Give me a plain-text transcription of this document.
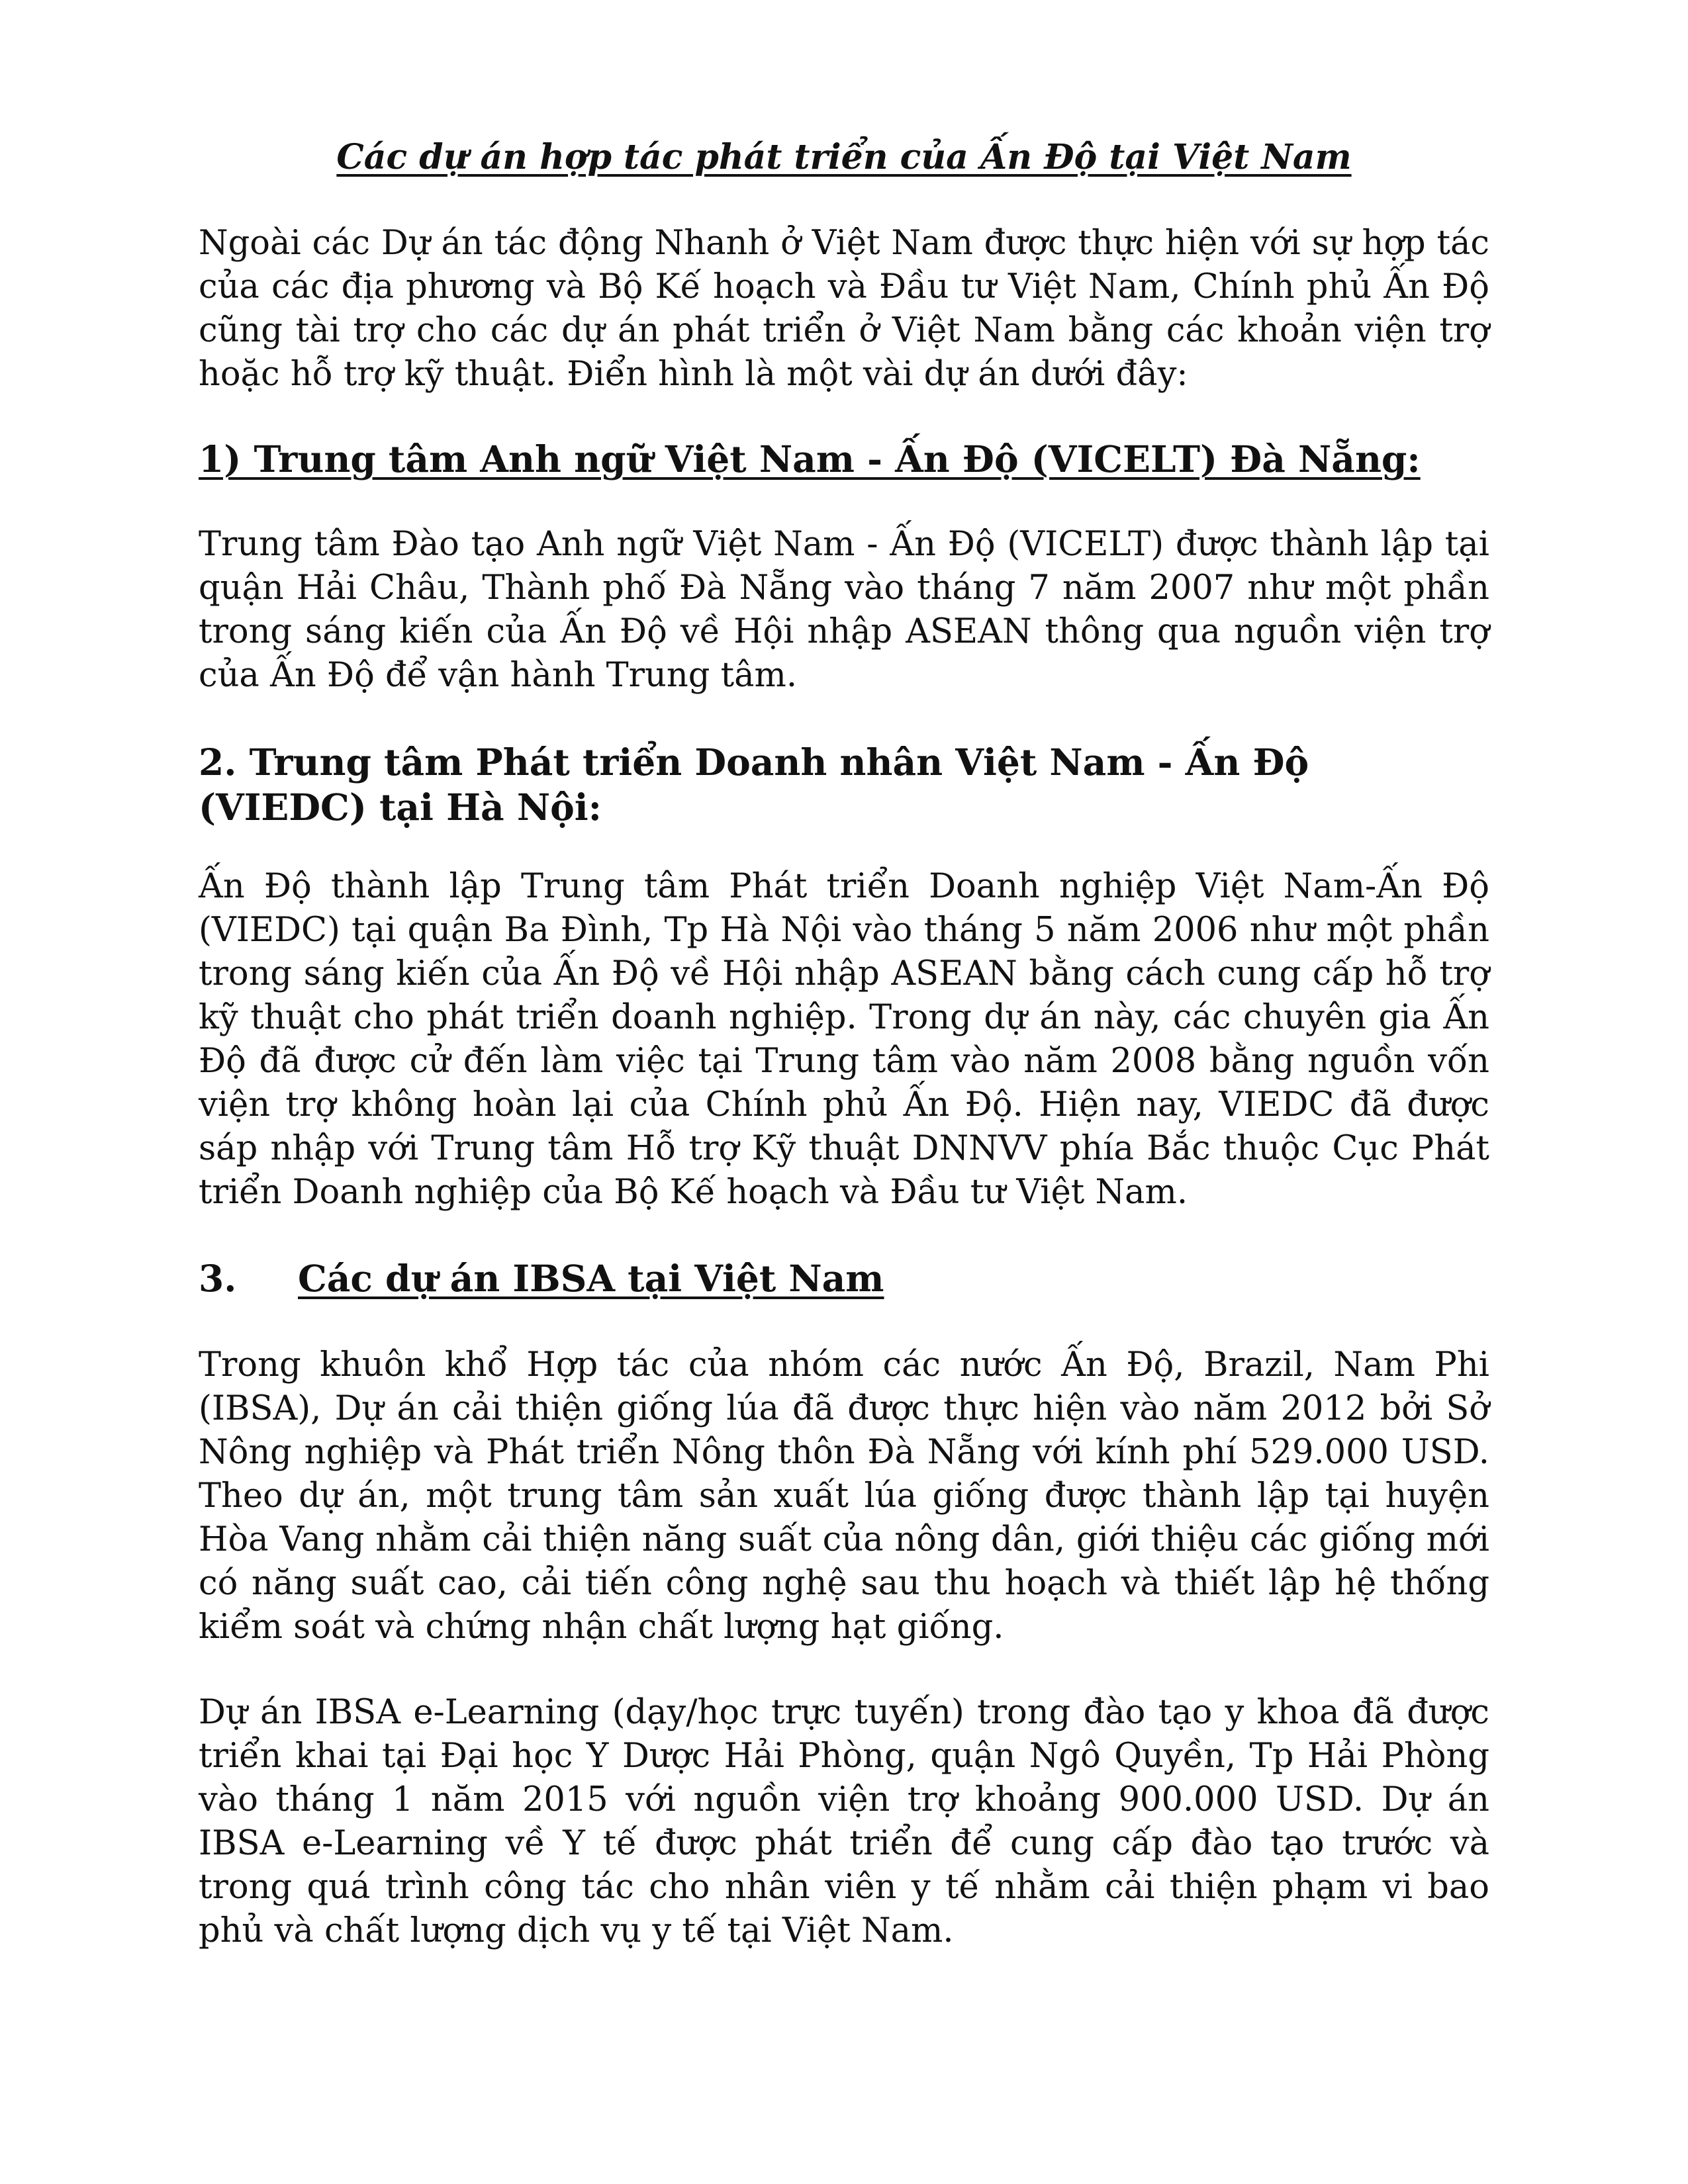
Các dự án hợp tác phát triển của Ấn Độ tại Việt Nam

Ngoài các Dự án tác động Nhanh ở Việt Nam được thực hiện với sự hợp tác của các địa phương và Bộ Kế hoạch và Đầu tư Việt Nam, Chính phủ Ấn Độ cũng tài trợ cho các dự án phát triển ở Việt Nam bằng các khoản viện trợ hoặc hỗ trợ kỹ thuật. Điển hình là một vài dự án dưới đây:

1) Trung tâm Anh ngữ Việt Nam - Ấn Độ (VICELT) Đà Nẵng:

Trung tâm Đào tạo Anh ngữ Việt Nam - Ấn Độ (VICELT) được thành lập tại quận Hải Châu, Thành phố Đà Nẵng vào tháng 7 năm 2007 như một phần trong sáng kiến của Ấn Độ về Hội nhập ASEAN thông qua nguồn viện trợ của Ấn Độ để vận hành Trung tâm.

2. Trung tâm Phát triển Doanh nhân Việt Nam - Ấn Độ (VIEDC) tại Hà Nội:

Ấn Độ thành lập Trung tâm Phát triển Doanh nghiệp Việt Nam-Ấn Độ (VIEDC) tại quận Ba Đình, Tp Hà Nội vào tháng 5 năm 2006 như một phần trong sáng kiến của Ấn Độ về Hội nhập ASEAN bằng cách cung cấp hỗ trợ kỹ thuật cho phát triển doanh nghiệp. Trong dự án này, các chuyên gia Ấn Độ đã được cử đến làm việc tại Trung tâm vào năm 2008 bằng nguồn vốn viện trợ không hoàn lại của Chính phủ Ấn Độ. Hiện nay, VIEDC đã được sáp nhập với Trung tâm Hỗ trợ Kỹ thuật DNNVV phía Bắc thuộc Cục Phát triển Doanh nghiệp của Bộ Kế hoạch và Đầu tư Việt Nam.

3. Các dự án IBSA tại Việt Nam

Trong khuôn khổ Hợp tác của nhóm các nước Ấn Độ, Brazil, Nam Phi (IBSA), Dự án cải thiện giống lúa đã được thực hiện vào năm 2012 bởi Sở Nông nghiệp và Phát triển Nông thôn Đà Nẵng với kính phí 529.000 USD. Theo dự án, một trung tâm sản xuất lúa giống được thành lập tại huyện Hòa Vang nhằm cải thiện năng suất của nông dân, giới thiệu các giống mới có năng suất cao, cải tiến công nghệ sau thu hoạch và thiết lập hệ thống kiểm soát và chứng nhận chất lượng hạt giống.

Dự án IBSA e-Learning (dạy/học trực tuyến) trong đào tạo y khoa đã được triển khai tại Đại học Y Dược Hải Phòng, quận Ngô Quyền, Tp Hải Phòng vào tháng 1 năm 2015 với nguồn viện trợ khoảng 900.000 USD. Dự án IBSA e-Learning về Y tế được phát triển để cung cấp đào tạo trước và trong quá trình công tác cho nhân viên y tế nhằm cải thiện phạm vi bao phủ và chất lượng dịch vụ y tế tại Việt Nam.
